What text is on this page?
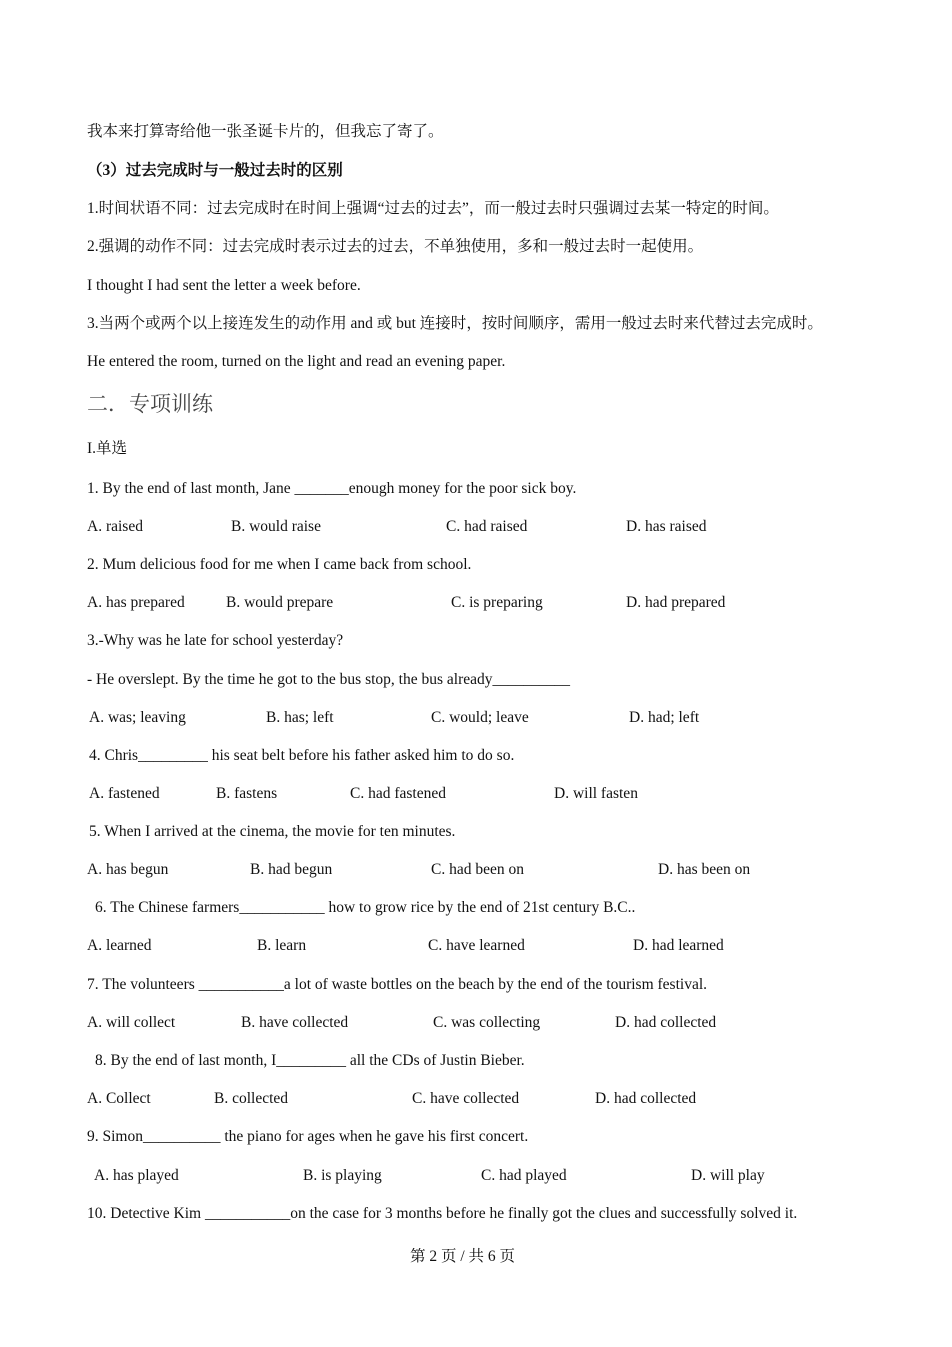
我本来打算寄给他一张圣诞卡片的，但我忘了寄了。
（3）过去完成时与一般过去时的区别
1.时间状语不同：过去完成时在时间上强调“过去的过去”，而一般过去时只强调过去某一特定的时间。
2.强调的动作不同：过去完成时表示过去的过去，不单独使用，多和一般过去时一起使用。
I thought I had sent the letter a week before.
3.当两个或两个以上接连发生的动作用 and 或 but 连接时，按时间顺序，需用一般过去时来代替过去完成时。
He entered the room, turned on the light and read an evening paper.
二．专项训练
I.单选
1. By the end of last month, Jane _______enough money for the poor sick boy.
A. raised	B. would raise	C. had raised	D. has raised
2. Mum delicious food for me when I came back from school.
A. has prepared	B. would prepare	C. is preparing	D. had prepared
3.-Why was he late for school yesterday?
- He overslept. By the time he got to the bus stop, the bus already__________
A. was; leaving	B. has; left	C. would; leave	D. had; left
4. Chris_________ his seat belt before his father asked him to do so.
A. fastened	B. fastens	C. had fastened	D. will fasten
5. When I arrived at the cinema, the movie for ten minutes.
A. has begun	B. had begun	C. had been on	D. has been on
6. The Chinese farmers___________ how to grow rice by the end of 21st century B.C..
A. learned	B. learn	C. have learned	D. had learned
7. The volunteers ___________a lot of waste bottles on the beach by the end of the tourism festival.
A. will collect	B. have collected	C. was collecting	D. had collected
8. By the end of last month, I_________ all the CDs of Justin Bieber.
A. Collect	B. collected	C. have collected	D. had collected
9. Simon__________ the piano for ages when he gave his first concert.
A. has played	B. is playing	C. had played	D. will play
10. Detective Kim ___________on the case for 3 months before he finally got the clues and successfully solved it.
第 2 页 / 共 6 页
